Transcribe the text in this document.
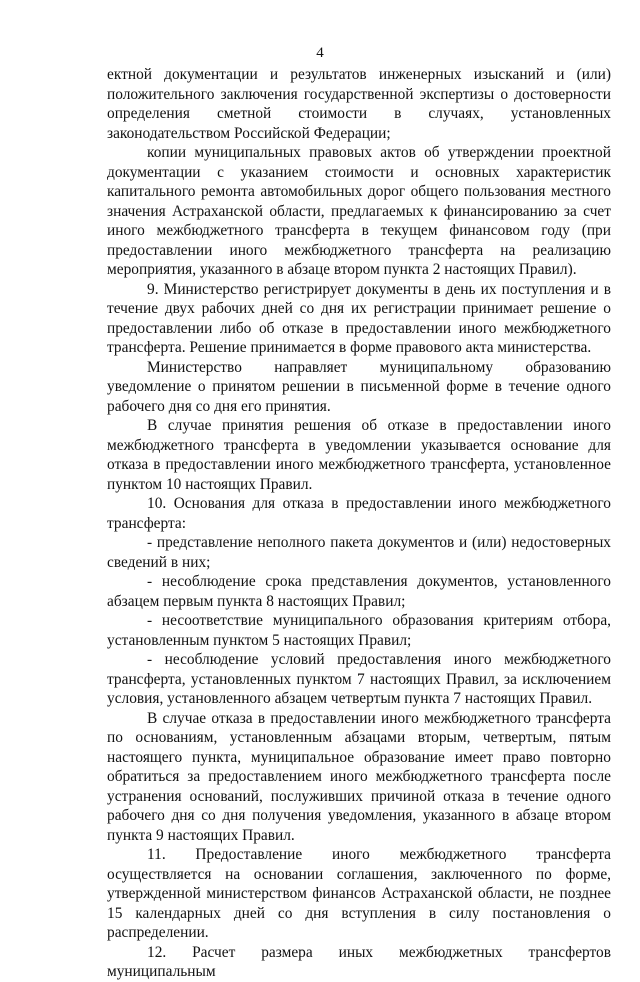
4

ектной документации и результатов инженерных изысканий и (или) положительного заключения государственной экспертизы о достоверности определения сметной стоимости в случаях, установленных законодательством Российской Федерации;

копии муниципальных правовых актов об утверждении проектной документации с указанием стоимости и основных характеристик капитального ремонта автомобильных дорог общего пользования местного значения Астраханской области, предлагаемых к финансированию за счет иного межбюджетного трансферта в текущем финансовом году (при предоставлении иного межбюджетного трансферта на реализацию мероприятия, указанного в абзаце втором пункта 2 настоящих Правил).

9. Министерство регистрирует документы в день их поступления и в течение двух рабочих дней со дня их регистрации принимает решение о предоставлении либо об отказе в предоставлении иного межбюджетного трансферта. Решение принимается в форме правового акта министерства.

Министерство направляет муниципальному образованию уведомление о принятом решении в письменной форме в течение одного рабочего дня со дня его принятия.

В случае принятия решения об отказе в предоставлении иного межбюджетного трансферта в уведомлении указывается основание для отказа в предоставлении иного межбюджетного трансферта, установленное пунктом 10 настоящих Правил.

10. Основания для отказа в предоставлении иного межбюджетного трансферта:

- представление неполного пакета документов и (или) недостоверных сведений в них;

- несоблюдение срока представления документов, установленного абзацем первым пункта 8 настоящих Правил;

- несоответствие муниципального образования критериям отбора, установленным пунктом 5 настоящих Правил;

- несоблюдение условий предоставления иного межбюджетного трансферта, установленных пунктом 7 настоящих Правил, за исключением условия, установленного абзацем четвертым пункта 7 настоящих Правил.

В случае отказа в предоставлении иного межбюджетного трансферта по основаниям, установленным абзацами вторым, четвертым, пятым настоящего пункта, муниципальное образование имеет право повторно обратиться за предоставлением иного межбюджетного трансферта после устранения оснований, послуживших причиной отказа в течение одного рабочего дня со дня получения уведомления, указанного в абзаце втором пункта 9 настоящих Правил.

11. Предоставление иного межбюджетного трансферта осуществляется на основании соглашения, заключенного по форме, утвержденной министерством финансов Астраханской области, не позднее 15 календарных дней со дня вступления в силу постановления о распределении.

12. Расчет размера иных межбюджетных трансфертов муниципальным
